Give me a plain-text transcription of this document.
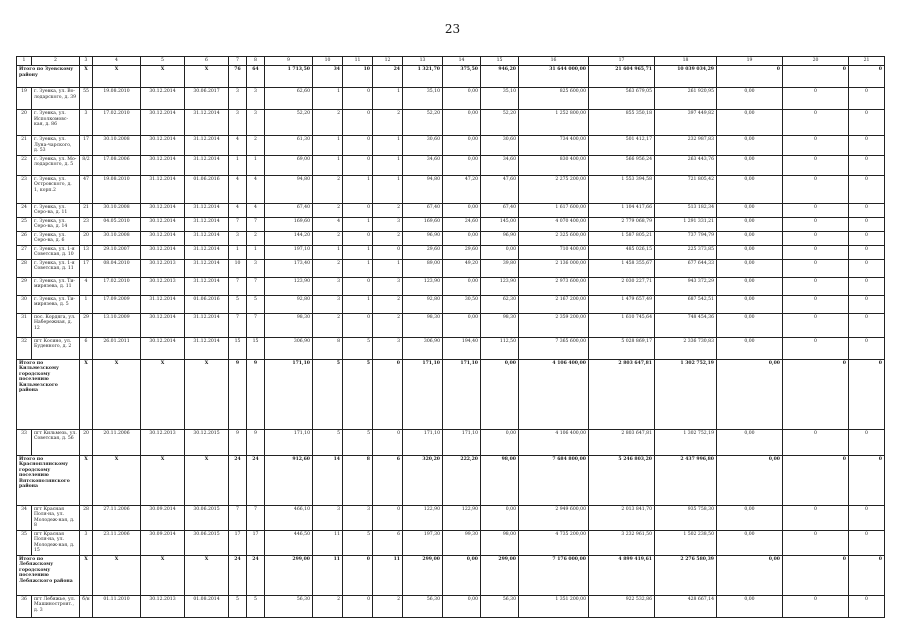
23
1	2	3	4	5	6	7	8	9	10	11	12	13	14	15	16	17	18	19	20	21
Итого по Зуевскому району		X	X	X	X	76	64	1 713,50	34	10	24	1 321,70	375,50	946,20	31 644 000,00	21 604 965,71	10 039 034,29	0	0	0
19	г. Зуевка, ул. Во-лодарского, д. 39	55	19.08.2010	30.12.2014	30.06.2017	3	3	62,60	1	0	1	35,10	0,00	35,10	825 600,00	563 679,05	261 920,95	0,00	0	0
20	г. Зуевка, ул. Исполкомовс-кая, д. 86	3	17.02.2010	30.12.2014	31.12.2014	3	3	52,20	2	0	2	52,20	0,00	52,20	1 252 800,00	855 350,18	397 449,82	0,00	0	0
21	г. Зуевка, ул. Луна-чарского, д. 53	17	30.10.2008	30.12.2014	31.12.2014	4	2	61,30	1	0	1	30,60	0,00	30,60	734 400,00	501 412,17	232 987,83	0,00	0	0
22	г. Зуевка, ул. Мо-лодарского, д. 5	8/2	17.08.2006	30.12.2014	31.12.2014	1	1	69,00	1	0	1	34,60	0,00	34,60	830 400,00	566 956,24	263 443,76	0,00	0	0
23	г. Зуевка, ул. Островского, д. 1, корп.2	47	19.08.2010	31.12.2014	01.06.2016	4	4	94,80	2	1	1	94,80	47,20	47,60	2 275 200,00	1 553 394,58	721 805,42	0,00	0	0
24	г. Зуевка, ул. Серо-ва, д. 11	21	30.10.2008	30.12.2014	31.12.2014	4	4	67,40	2	0	2	67,40	0,00	67,40	1 617 600,00	1 104 417,66	513 182,34	0,00	0	0
25	г. Зуевка, ул. Серо-ва, д. 14	23	04.05.2010	30.12.2014	31.12.2014	7	7	169,60	4	1	3	169,60	24,60	145,00	4 070 400,00	2 779 068,79	1 291 331,21	0,00	0	0
26	г. Зуевка, ул. Серо-ва, д. 6	20	30.10.2008	30.12.2014	31.12.2014	3	2	144,20	2	0	2	96,90	0,00	96,90	2 325 600,00	1 587 805,21	737 794,79	0,00	0	0
27	г. Зуевка, ул. 1-я Советская, д. 10	13	29.10.2007	30.12.2014	31.12.2014	1	1	197,10	1	1	0	29,60	29,60	0,00	710 400,00	485 026,15	225 373,85	0,00	0	0
28	г. Зуевка, ул. 1-я Советская, д. 11	17	08.04.2010	30.12.2013	31.12.2014	10	3	173,40	2	1	1	89,00	49,20	39,80	2 136 000,00	1 458 355,67	677 644,33	0,00	0	0
29	г. Зуевка, ул. Ти-мирязева, д. 11	4	17.02.2010	30.12.2013	31.12.2014	7	7	123,90	3	0	3	123,90	0,00	123,90	2 973 600,00	2 030 227,71	943 372,29	0,00	0	0
30	г. Зуевка, ул. Ти-мирязева, д. 5	1	17.09.2009	31.12.2014	01.06.2016	5	5	92,80	3	1	2	92,80	30,50	62,30	2 167 200,00	1 479 657,49	687 542,51	0,00	0	0
31	пос. Кордяга, ул. Набережная, д. 12	29	13.10.2009	30.12.2014	31.12.2014	7	7	98,30	2	0	2	98,30	0,00	98,30	2 359 200,00	1 610 745,64	748 454,36	0,00	0	0
32	пгт Косино, ул. Буденного, д. 2	6	26.01.2011	30.12.2014	31.12.2014	15	15	306,90	8	5	3	306,90	194,40	112,50	7 365 600,00	5 028 869,17	2 336 730,83	0,00	0	0
Итого по Кильмезскому городскому поселению Кильмезского района		X	X	X	X	9	9	171,10	5	5	0	171,10	171,10	0,00	4 106 400,00	2 803 647,81	1 302 752,19	0,00	0	0
33	пгт Кильмезь, ул. Советская, д. 56	20	20.11.2006	30.12.2013	30.12.2015	9	9	171,10	5	5	0	171,10	171,10	0,00	4 106 400,00	2 803 647,81	1 302 752,19	0,00	0	0
Итого по Красноплянскому городскому поселению Вятскополянского района		X	X	X	X	24	24	912,60	14	8	6	320,20	222,20	98,00	7 684 800,00	5 246 803,20	2 437 996,80	0,00	0	0
34	пгт Красная Поля-на, ул. Молодеж-ная, д. 8	28	27.11.2006	30.09.2014	30.06.2015	7	7	466,10	3	3	0	122,90	122,90	0,00	2 949 600,00	2 013 841,70	935 758,30	0,00	0	0
35	пгт Красная Поля-на, ул. Молодеж-ная, д. 15	3	23.11.2006	30.09.2014	30.06.2015	17	17	446,50	11	5	6	197,30	99,30	98,00	4 735 200,00	3 232 961,50	1 502 238,50	0,00	0	0
Итого по Лебяжскому городскому поселению Лебяжского района		X	X	X	X	24	24	299,00	11	0	11	299,00	0,00	299,00	7 176 000,00	4 899 419,61	2 276 580,39	0,00	0	0
36	пгт Лебяжье, ул. Машиностроит., д. 3	б/н	01.11.2010	30.12.2013	01.08.2014	5	5	56,30	2	0	2	56,30	0,00	56,30	1 351 200,00	922 532,86	428 667,14	0,00	0	0
